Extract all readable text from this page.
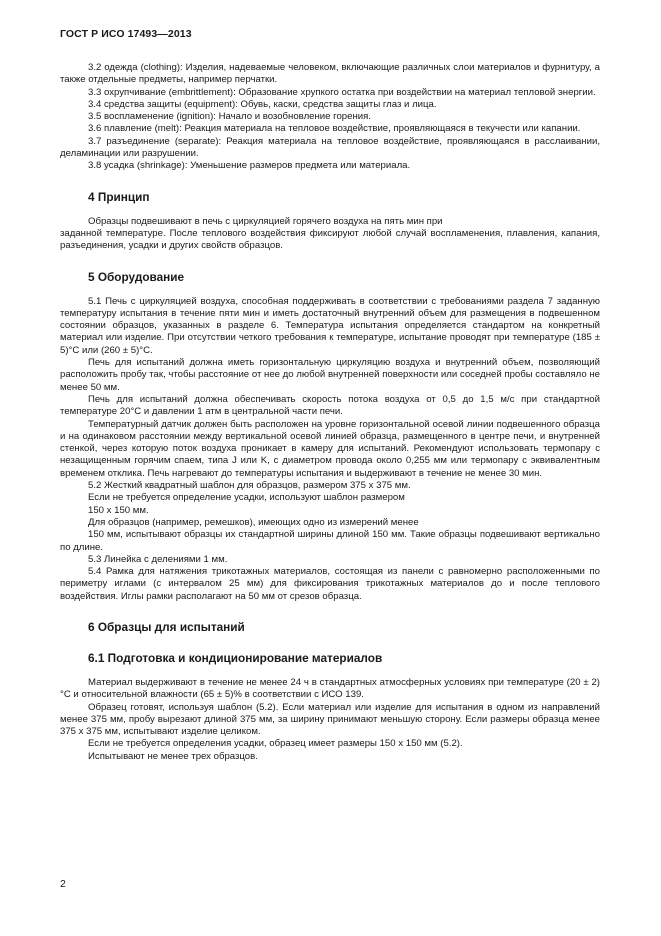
ГОСТ Р ИСО 17493—2013

3.2 одежда (clothing): Изделия, надеваемые человеком, включающие различных слои материалов и фурнитуру, а также отдельные предметы, например перчатки.

3.3 охрупчивание (embrittlement): Образование хрупкого остатка при воздействии на материал тепловой энергии.

3.4 средства защиты (equipment): Обувь, каски, средства защиты глаз и лица.

3.5 воспламенение (ignition): Начало и возобновление горения.

3.6 плавление (melt): Реакция материала на тепловое воздействие, проявляющаяся в текучести или капании.

3.7 разъединение (separate): Реакция материала на тепловое воздействие, проявляющаяся в расслаивании, деламинации или разрушении.

3.8 усадка (shrinkage): Уменьшение размеров предмета или материала.

4 Принцип

Образцы подвешивают в печь с циркуляцией горячего воздуха на пять мин при

заданной температуре. После теплового воздействия фиксируют любой случай воспламенения, плавления, капания, разъединения, усадки и других свойств образцов.

5 Оборудование

5.1 Печь с циркуляцией воздуха, способная поддерживать в соответствии с требованиями раздела 7 заданную температуру испытания в течение пяти мин и иметь достаточный внутренний объем для размещения в подвешенном состоянии образцов, указанных в разделе 6. Температура испытания определяется стандартом на конкретный материал или изделие. При отсутствии четкого требования к температуре, испытание проводят при температуре (185 ± 5)°C или (260 ± 5)°C.

Печь для испытаний должна иметь горизонтальную циркуляцию воздуха и внутренний объем, позволяющий расположить пробу так, чтобы расстояние от нее до любой внутренней поверхности или соседней пробы составляло не менее 50 мм.

Печь для испытаний должна обеспечивать скорость потока воздуха от 0,5 до 1,5 м/с при стандартной температуре 20°C и давлении 1 атм в центральной части печи.

Температурный датчик должен быть расположен на уровне горизонтальной осевой линии подвешенного образца и на одинаковом расстоянии между вертикальной осевой линией образца, размещенного в центре печи, и внутренней стенкой, через которую поток воздуха проникает в камеру для испытаний. Рекомендуют использовать термопару с незащищенным горячим спаем, типа J или K, с диаметром провода около 0,255 мм или термопару с эквивалентным временем отклика. Печь нагревают до температуры испытания и выдерживают в течение не менее 30 мин.

5.2 Жесткий квадратный шаблон для образцов, размером 375 x 375 мм.

Если не требуется определение усадки, используют шаблон размером

150 x 150 мм.

Для образцов (например, ремешков), имеющих одно из измерений менее

150 мм, испытывают образцы их стандартной ширины длиной 150 мм. Такие образцы подвешивают вертикально по длине.

5.3 Линейка с делениями 1 мм.

5.4 Рамка для натяжения трикотажных материалов, состоящая из панели с равномерно расположенными по периметру иглами (с интервалом 25 мм) для фиксирования трикотажных материалов до и после теплового воздействия. Иглы рамки располагают на 50 мм от срезов образца.

6 Образцы для испытаний
6.1 Подготовка и кондиционирование материалов

Материал выдерживают в течение не менее 24 ч в стандартных атмосферных условиях при температуре (20 ± 2)°C и относительной влажности (65 ± 5)% в соответствии с ИСО 139.

Образец готовят, используя шаблон (5.2). Если материал или изделие для испытания в одном из направлений менее 375 мм, пробу вырезают длиной 375 мм, за ширину принимают меньшую сторону. Если размеры образца менее 375 x 375 мм, испытывают изделие целиком.

Если не требуется определения усадки, образец имеет размеры 150 x 150 мм (5.2).

Испытывают не менее трех образцов.

2
